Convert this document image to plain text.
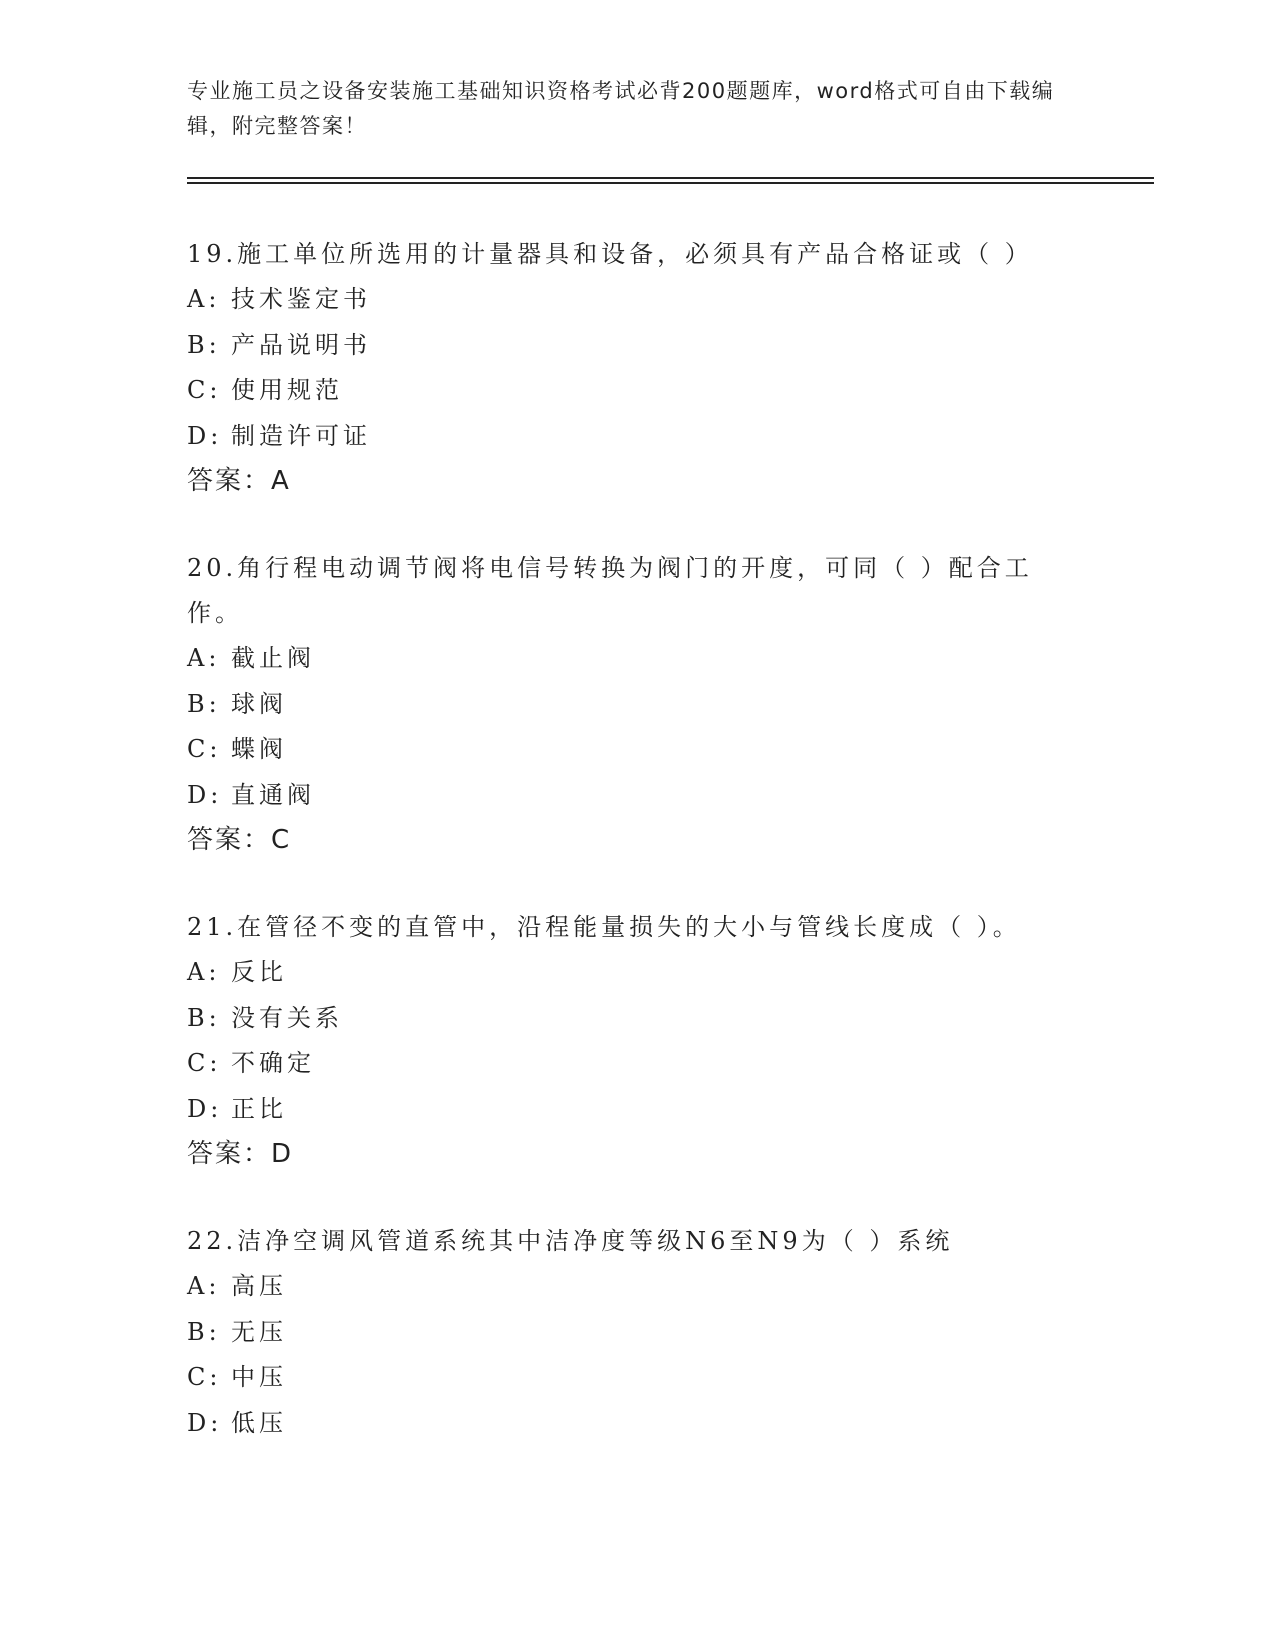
专业施工员之设备安装施工基础知识资格考试必背200题题库，word格式可自由下载编辑，附完整答案！

19.施工单位所选用的计量器具和设备，必须具有产品合格证或（ ）

A: 技术鉴定书
B: 产品说明书
C: 使用规范
D: 制造许可证
答案：A

20.角行程电动调节阀将电信号转换为阀门的开度，可同（ ）配合工作。

A: 截止阀
B: 球阀
C: 蝶阀
D: 直通阀
答案：C

21.在管径不变的直管中，沿程能量损失的大小与管线长度成（ ）。

A: 反比
B: 没有关系
C: 不确定
D: 正比
答案：D

22.洁净空调风管道系统其中洁净度等级N6至N9为（ ）系统

A: 高压
B: 无压
C: 中压
D: 低压
